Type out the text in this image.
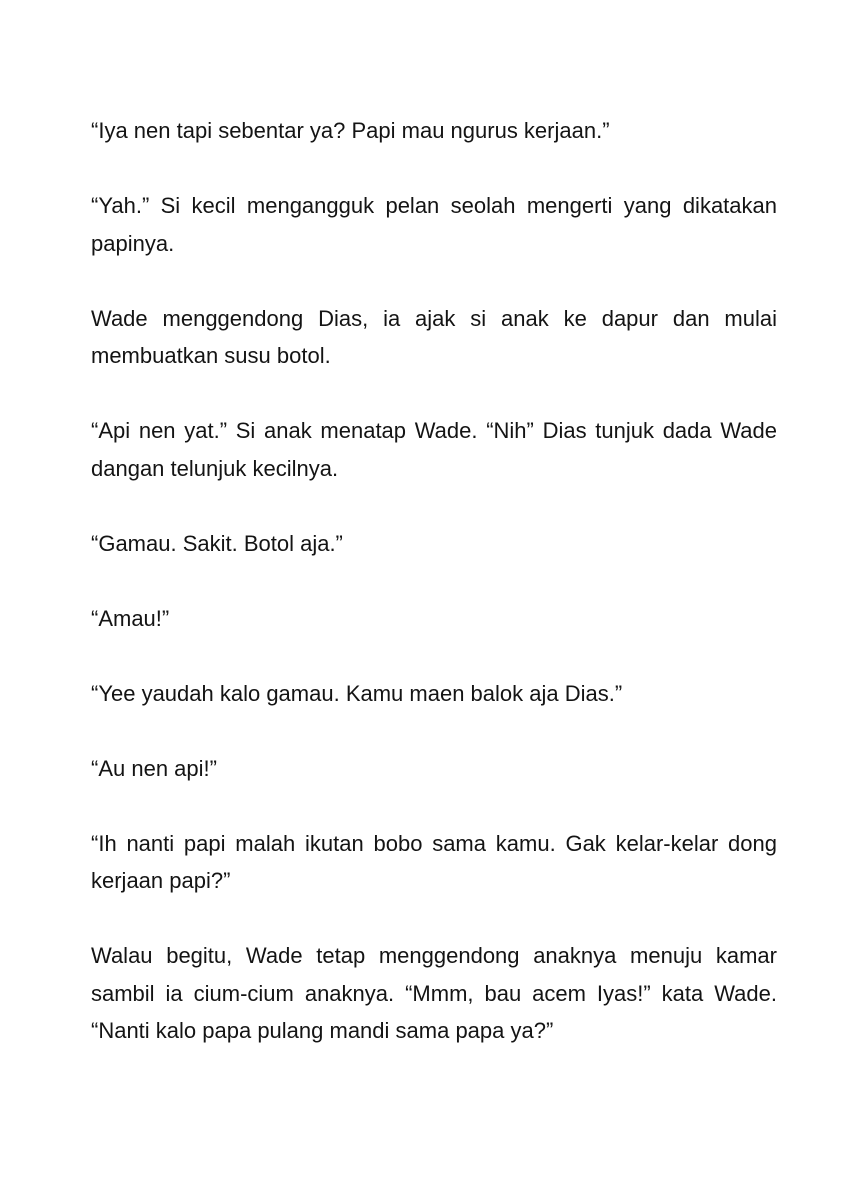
“Iya nen tapi sebentar ya? Papi mau ngurus kerjaan.”

“Yah.” Si kecil mengangguk pelan seolah mengerti yang dikatakan
papinya.

Wade menggendong Dias, ia ajak si anak ke dapur dan mulai
membuatkan susu botol.

“Api nen yat.” Si anak menatap Wade. “Nih” Dias tunjuk dada Wade
dangan telunjuk kecilnya.

“Gamau. Sakit. Botol aja.”

“Amau!”

“Yee yaudah kalo gamau. Kamu maen balok aja Dias.”

“Au nen api!”

“Ih nanti papi malah ikutan bobo sama kamu. Gak kelar-kelar dong
kerjaan papi?”

Walau begitu, Wade tetap menggendong anaknya menuju kamar
sambil ia cium-cium anaknya. “Mmm, bau acem Iyas!” kata Wade.
“Nanti kalo papa pulang mandi sama papa ya?”
